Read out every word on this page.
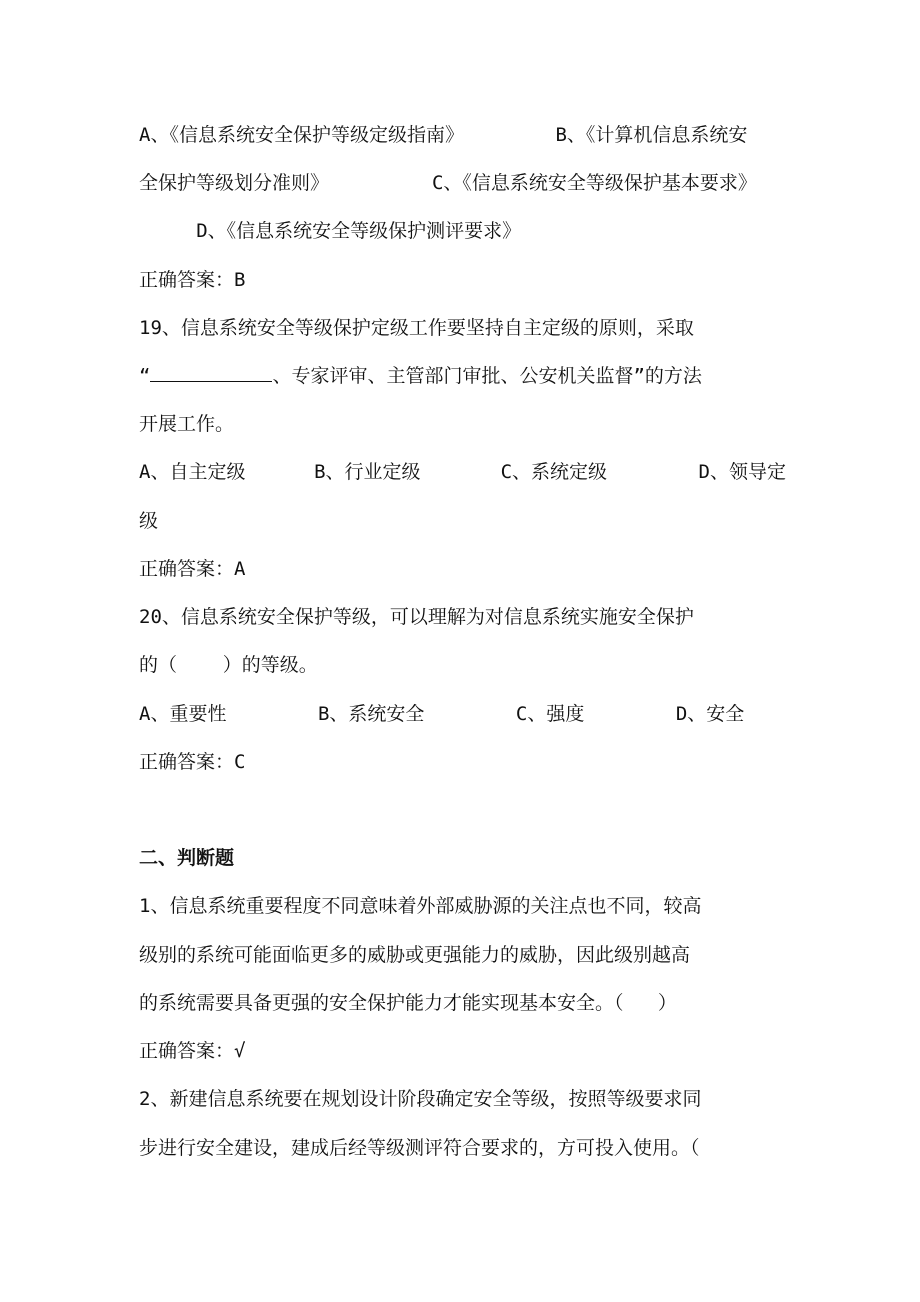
A、《信息系统安全保护等级定级指南》        B、《计算机信息系统安

全保护等级划分准则》         C、《信息系统安全等级保护基本要求》

D、《信息系统安全等级保护测评要求》

正确答案：B

19、信息系统安全等级保护定级工作要坚持自主定级的原则，采取

“	、专家评审、主管部门审批、公安机关监督”的方法

开展工作。

A、自主定级      B、行业定级       C、系统定级        D、领导定

级

正确答案：A

20、信息系统安全保护等级，可以理解为对信息系统实施安全保护

的（    ）的等级。

A、重要性        B、系统安全        C、强度        D、安全

正确答案：C

二、判断题

1、信息系统重要程度不同意味着外部威胁源的关注点也不同，较高

级别的系统可能面临更多的威胁或更强能力的威胁，因此级别越高

的系统需要具备更强的安全保护能力才能实现基本安全。（   ）

正确答案：√

2、新建信息系统要在规划设计阶段确定安全等级，按照等级要求同

步进行安全建设，建成后经等级测评符合要求的，方可投入使用。（
